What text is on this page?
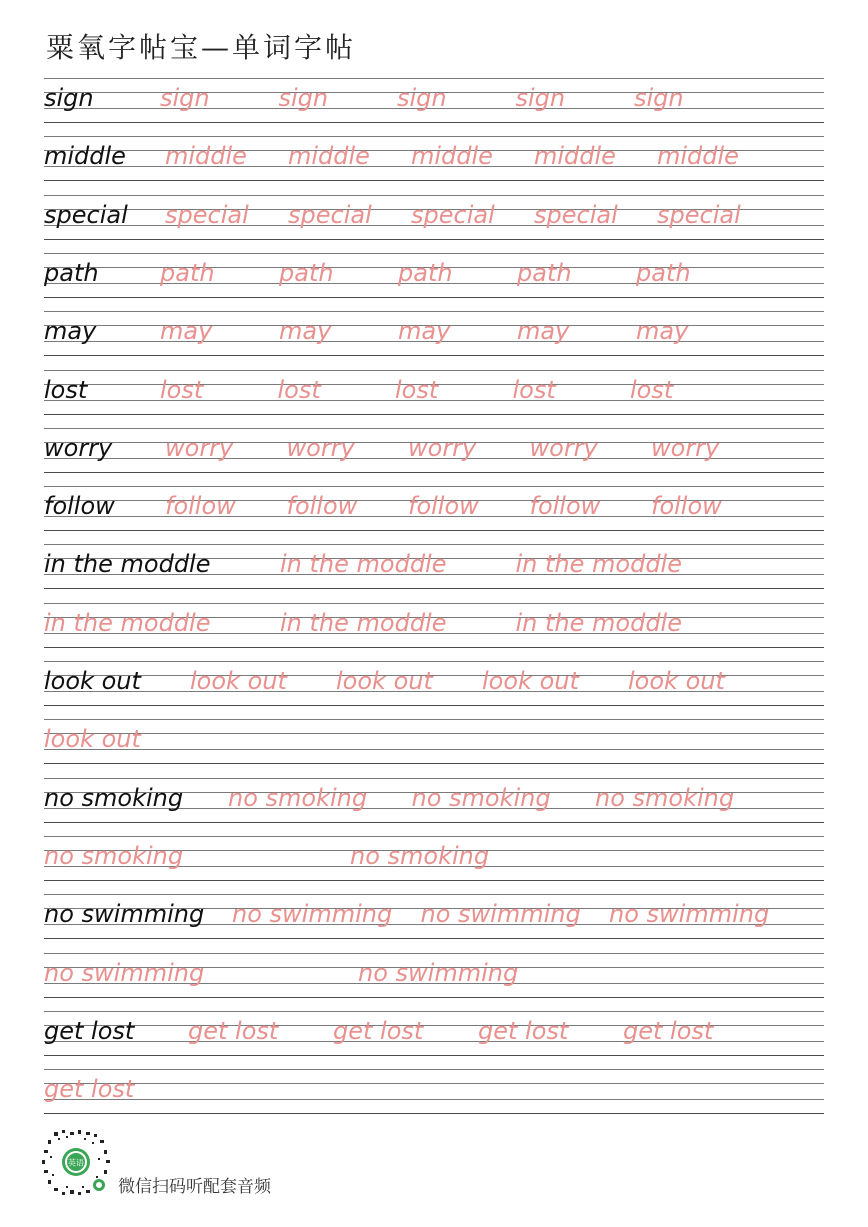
粟氧字帖宝—单词字帖
sign	sign	sign	sign	sign	sign
middle middle middle middle middle middle
special special special special special special
path	path	path	path	path	path
may	may	may	may	may	may
lost	lost	lost	lost	lost	lost
worry worry worry worry worry worry
follow follow follow follow follow follow
in the moddle	in the moddle	in the moddle
in the moddle	in the moddle	in the moddle
look out look out look out look out look out
look out
no smoking no smoking no smoking no smoking
no smoking	no smoking
no swimming no swimming no swimming no swimming
no swimming	no swimming
get lost get lost get lost get lost get lost
get lost
英语
微信扫码听配套音频
